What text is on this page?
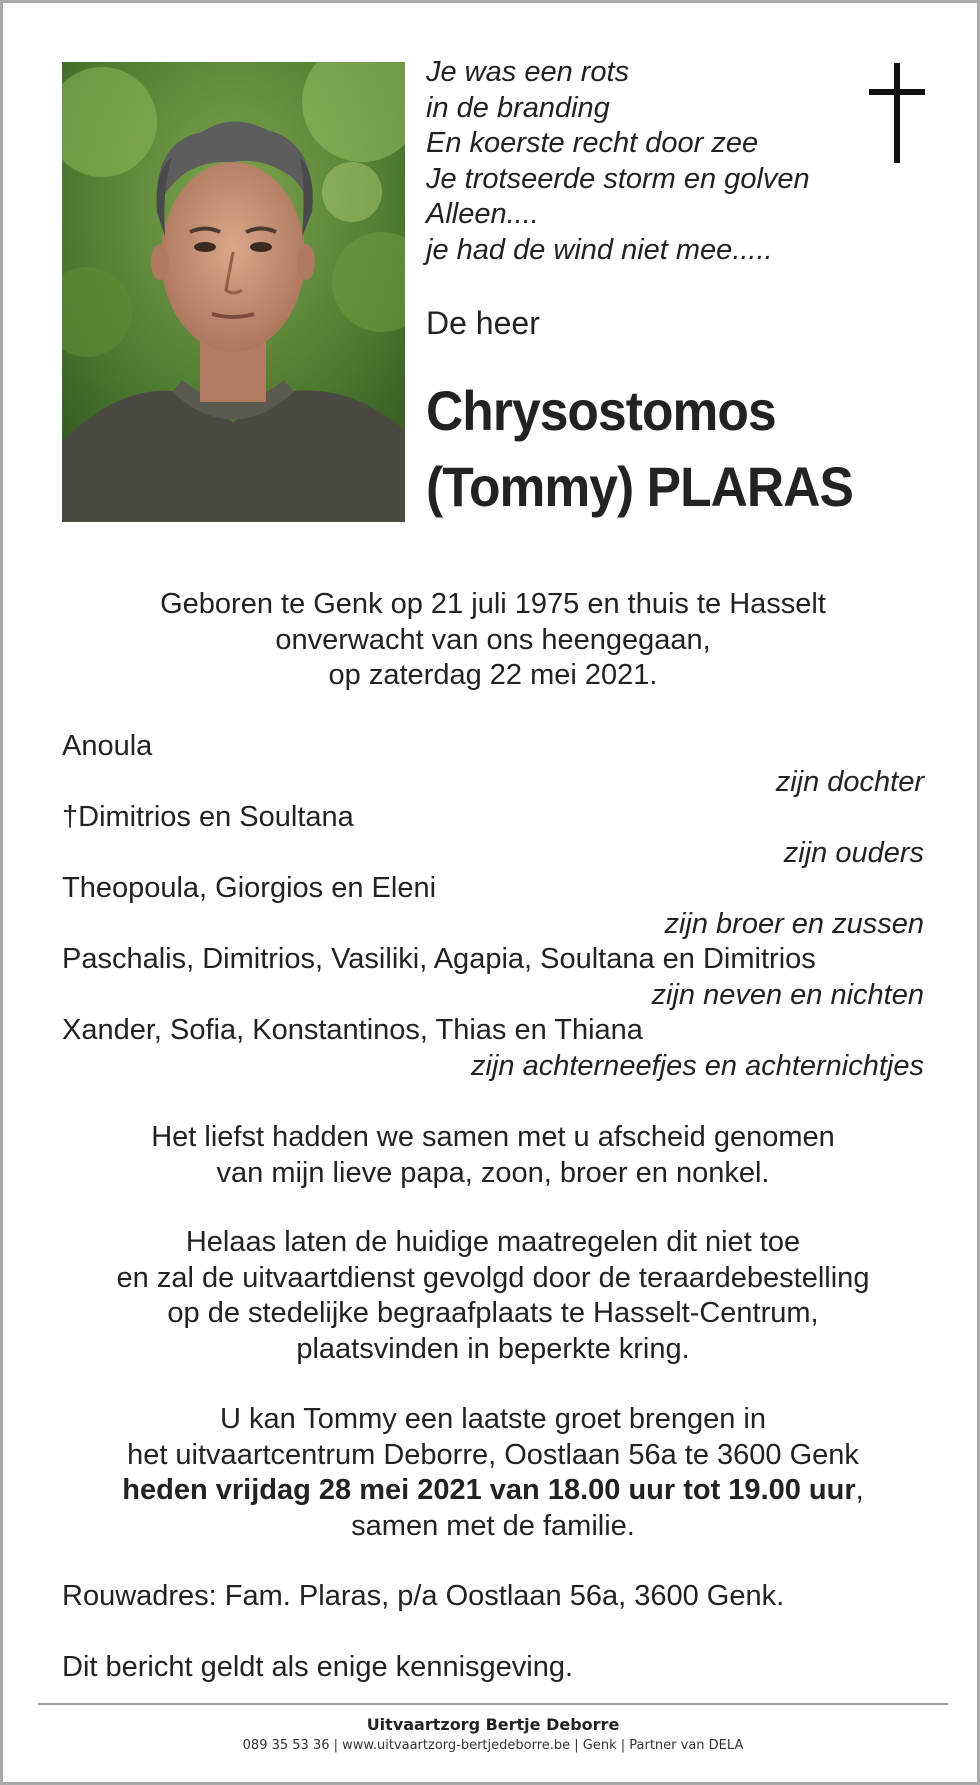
Je was een rots
in de branding
En koerste recht door zee
Je trotseerde storm en golven
Alleen....
je had de wind niet mee.....
De heer
Chrysostomos
(Tommy) PLARAS
Geboren te Genk op 21 juli 1975 en thuis te Hasselt
onverwacht van ons heengegaan,
op zaterdag 22 mei 2021.
Anoula
zijn dochter
†Dimitrios en Soultana
zijn ouders
Theopoula, Giorgios en Eleni
zijn broer en zussen
Paschalis, Dimitrios, Vasiliki, Agapia, Soultana en Dimitrios
zijn neven en nichten
Xander, Sofia, Konstantinos, Thias en Thiana
zijn achterneefjes en achternichtjes
Het liefst hadden we samen met u afscheid genomen
van mijn lieve papa, zoon, broer en nonkel.
Helaas laten de huidige maatregelen dit niet toe
en zal de uitvaartdienst gevolgd door de teraardebestelling
op de stedelijke begraafplaats te Hasselt-Centrum,
plaatsvinden in beperkte kring.
U kan Tommy een laatste groet brengen in
het uitvaartcentrum Deborre, Oostlaan 56a te 3600 Genk
heden vrijdag 28 mei 2021 van 18.00 uur tot 19.00 uur,
samen met de familie.
Rouwadres: Fam. Plaras, p/a Oostlaan 56a, 3600 Genk.
Dit bericht geldt als enige kennisgeving.
Uitvaartzorg Bertje Deborre
089 35 53 36 | www.uitvaartzorg-bertjedeborre.be | Genk | Partner van DELA
